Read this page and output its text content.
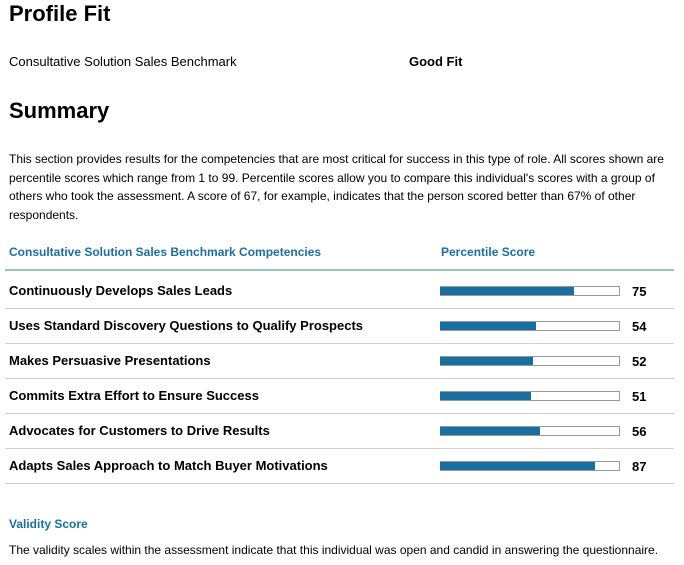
Profile Fit
Consultative Solution Sales Benchmark	Good Fit
Summary
This section provides results for the competencies that are most critical for success in this type of role. All scores shown are percentile scores which range from 1 to 99. Percentile scores allow you to compare this individual's scores with a group of others who took the assessment. A score of 67, for example, indicates that the person scored better than 67% of other respondents.
Consultative Solution Sales Benchmark Competencies	Percentile Score
Continuously Develops Sales Leads	75
Uses Standard Discovery Questions to Qualify Prospects	54
Makes Persuasive Presentations	52
Commits Extra Effort to Ensure Success	51
Advocates for Customers to Drive Results	56
Adapts Sales Approach to Match Buyer Motivations	87
Validity Score
The validity scales within the assessment indicate that this individual was open and candid in answering the questionnaire.
